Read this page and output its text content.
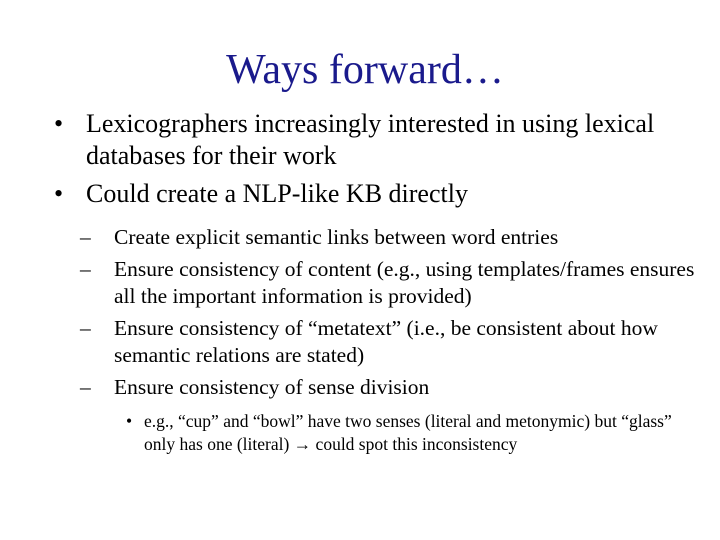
Ways forward…
• Lexicographers increasingly interested in using lexical databases for their work
• Could create a NLP-like KB directly
– Create explicit semantic links between word entries
– Ensure consistency of content (e.g., using templates/frames ensures all the important information is provided)
– Ensure consistency of “metatext” (i.e., be consistent about how semantic relations are stated)
– Ensure consistency of sense division
• e.g., “cup” and “bowl” have two senses (literal and metonymic) but “glass” only has one (literal) → could spot this inconsistency
